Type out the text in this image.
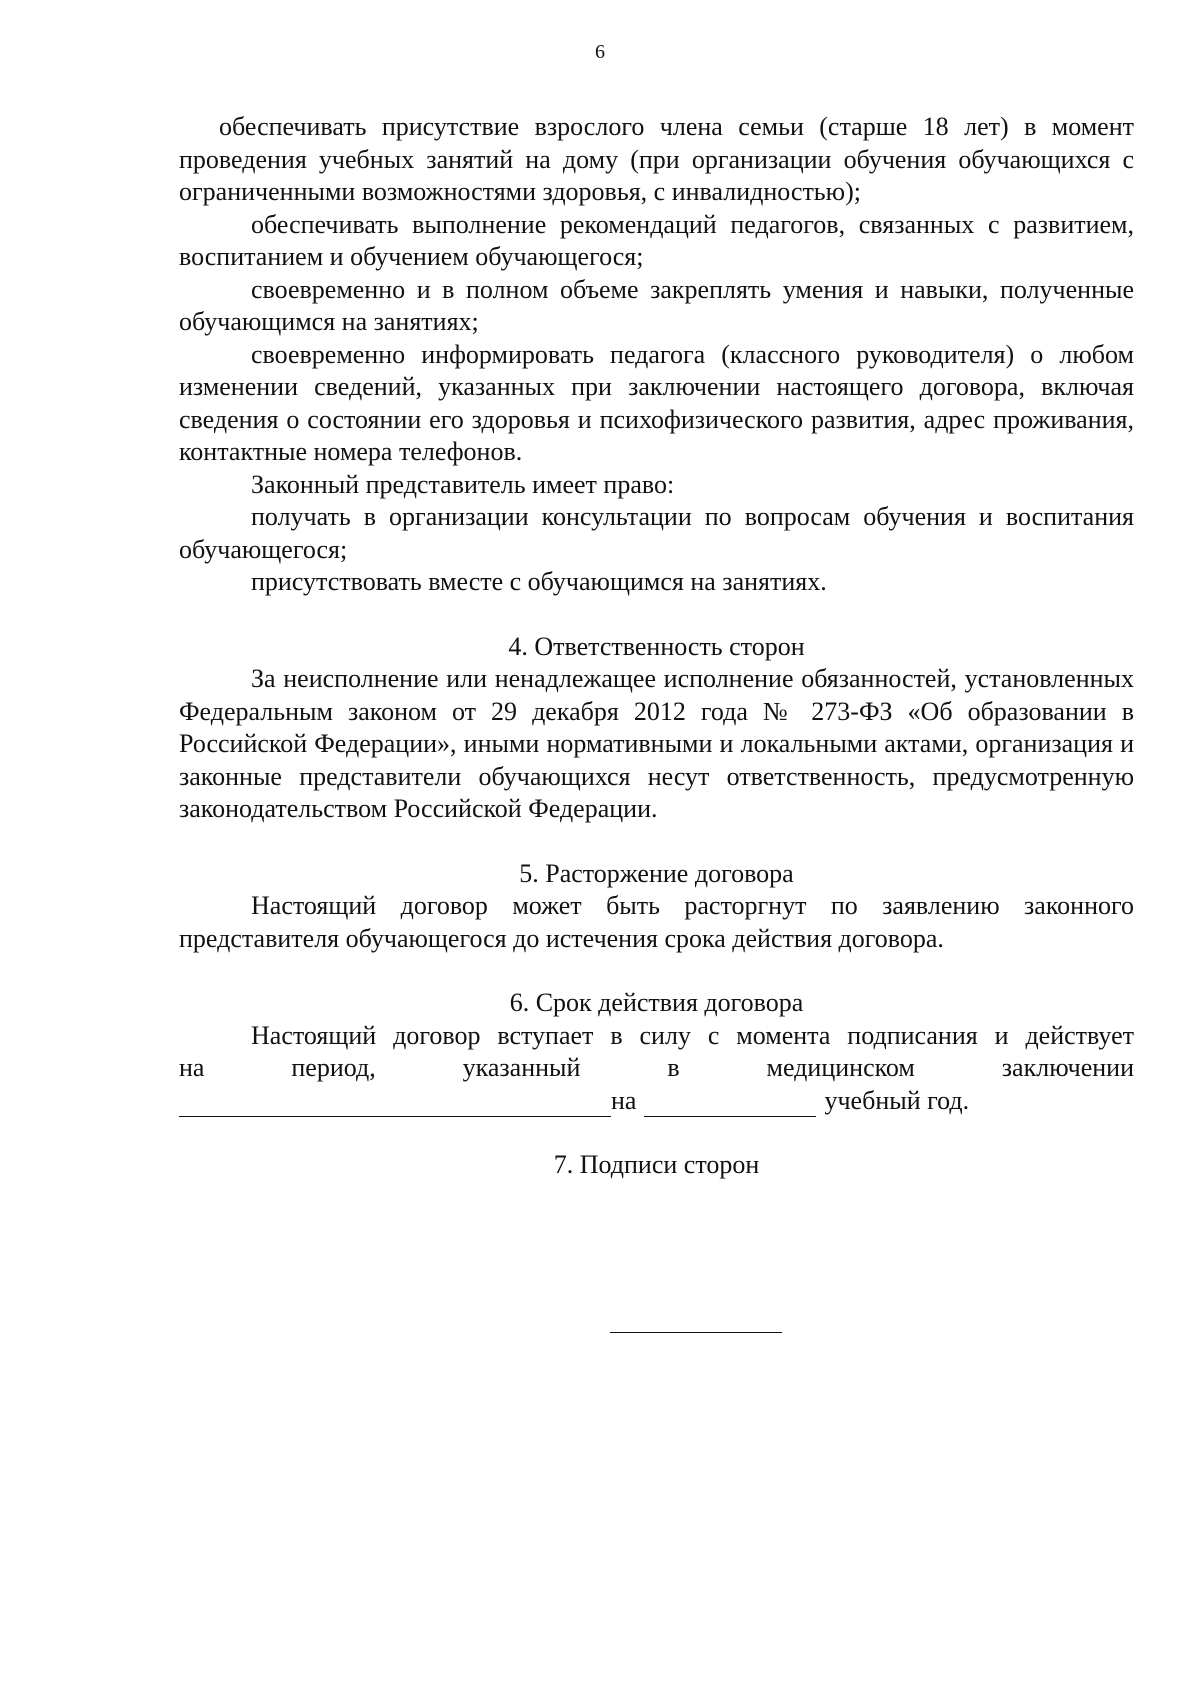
6

обеспечивать присутствие взрослого члена семьи (старше 18 лет) в момент проведения учебных занятий на дому (при организации обучения обучающихся с ограниченными возможностями здоровья, с инвалидностью);

обеспечивать выполнение рекомендаций педагогов, связанных с развитием, воспитанием и обучением обучающегося;

своевременно и в полном объеме закреплять умения и навыки, полученные обучающимся на занятиях;

своевременно информировать педагога (классного руководителя) о любом изменении сведений, указанных при заключении настоящего договора, включая сведения о состоянии его здоровья и психофизического развития, адрес проживания, контактные номера телефонов.

Законный представитель имеет право:

получать в организации консультации по вопросам обучения и воспитания обучающегося;

присутствовать вместе с обучающимся на занятиях.

4. Ответственность сторон

За неисполнение или ненадлежащее исполнение обязанностей, установленных Федеральным законом от 29 декабря 2012 года № 273-ФЗ «Об образовании в Российской Федерации», иными нормативными и локальными актами, организация и законные представители обучающихся несут ответственность, предусмотренную законодательством Российской Федерации.

5. Расторжение договора

Настоящий договор может быть расторгнут по заявлению законного представителя обучающегося до истечения срока действия договора.

6. Срок действия договора

Настоящий договор вступает в силу с момента подписания и действует

на период, указанный в медицинском заключении

на	учебный год.

7. Подписи сторон
